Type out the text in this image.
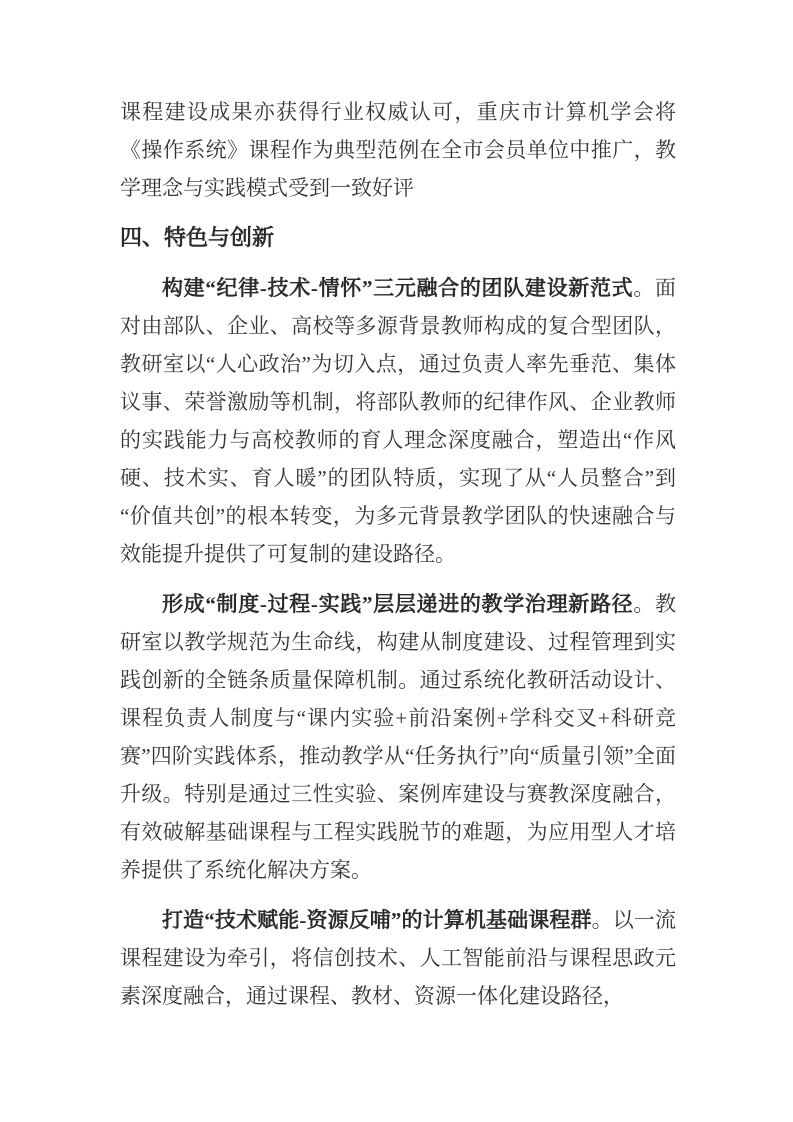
课程建设成果亦获得行业权威认可，重庆市计算机学会将《操作系统》课程作为典型范例在全市会员单位中推广，教学理念与实践模式受到一致好评

四、特色与创新

构建“纪律-技术-情怀”三元融合的团队建设新范式。面对由部队、企业、高校等多源背景教师构成的复合型团队，教研室以“人心政治”为切入点，通过负责人率先垂范、集体议事、荣誉激励等机制，将部队教师的纪律作风、企业教师的实践能力与高校教师的育人理念深度融合，塑造出“作风硬、技术实、育人暖”的团队特质，实现了从“人员整合”到“价值共创”的根本转变，为多元背景教学团队的快速融合与效能提升提供了可复制的建设路径。

形成“制度-过程-实践”层层递进的教学治理新路径。教研室以教学规范为生命线，构建从制度建设、过程管理到实践创新的全链条质量保障机制。通过系统化教研活动设计、课程负责人制度与“课内实验+前沿案例+学科交叉+科研竞赛”四阶实践体系，推动教学从“任务执行”向“质量引领”全面升级。特别是通过三性实验、案例库建设与赛教深度融合，有效破解基础课程与工程实践脱节的难题，为应用型人才培养提供了系统化解决方案。

打造“技术赋能-资源反哺”的计算机基础课程群。以一流课程建设为牵引，将信创技术、人工智能前沿与课程思政元素深度融合，通过课程、教材、资源一体化建设路径，
